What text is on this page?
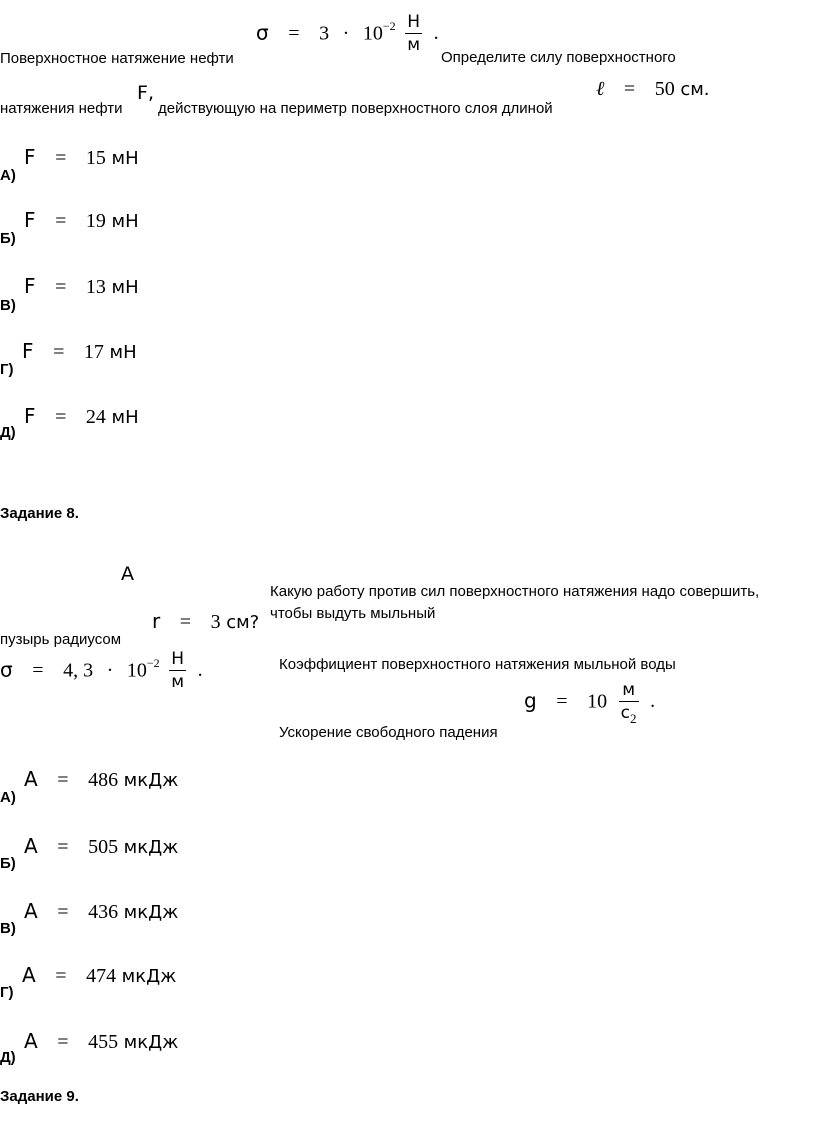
$\sigma = 3 \cdot 10^{-2} \frac{Н}{м}$ .
Поверхностное натяжение нефти	Определите силу поверхностного
натяжения нефти
F,
действующую на периметр поверхностного слоя длиной
ℓ = 50 см.
А)
F = 15 мН
Б)
F = 19 мН
В)
F = 13 мН
Г)
F = 17 мН
Д)
F = 24 мН
Задание 8.
A
Какую работу против сил поверхностного натяжения надо совершить,
чтобы выдуть мыльный
r = 3 см?
пузырь радиусом
σ = 4, $3 \cdot 10^{-2} \frac{Н}{м}$ .	Коэффициент поверхностного натяжения мыльной воды
$g = 10 \frac{м}{с_2}$ .
Ускорение свободного падения
А)
A = 486 мкДж
Б)
A = 505 мкДж
В)
A = 436 мкДж
Г)
A = 474 мкДж
Д)
A = 455 мкДж
Задание 9.
